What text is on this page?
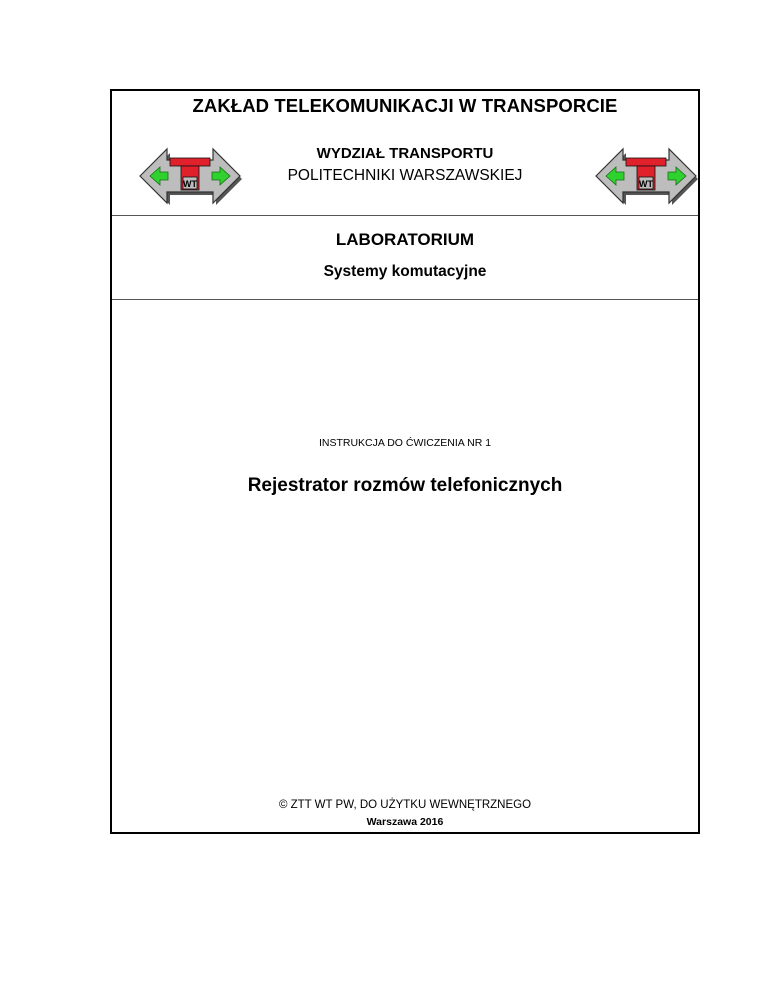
ZAKŁAD TELEKOMUNIKACJI W TRANSPORCIE
WT
WYDZIAŁ TRANSPORTU
POLITECHNIKI WARSZAWSKIEJ	WT
LABORATORIUM
Systemy komutacyjne
INSTRUKCJA DO ĆWICZENIA NR 1
Rejestrator rozmów telefonicznych
© ZTT WT PW, DO UŻYTKU WEWNĘTRZNEGO
Warszawa 2016
